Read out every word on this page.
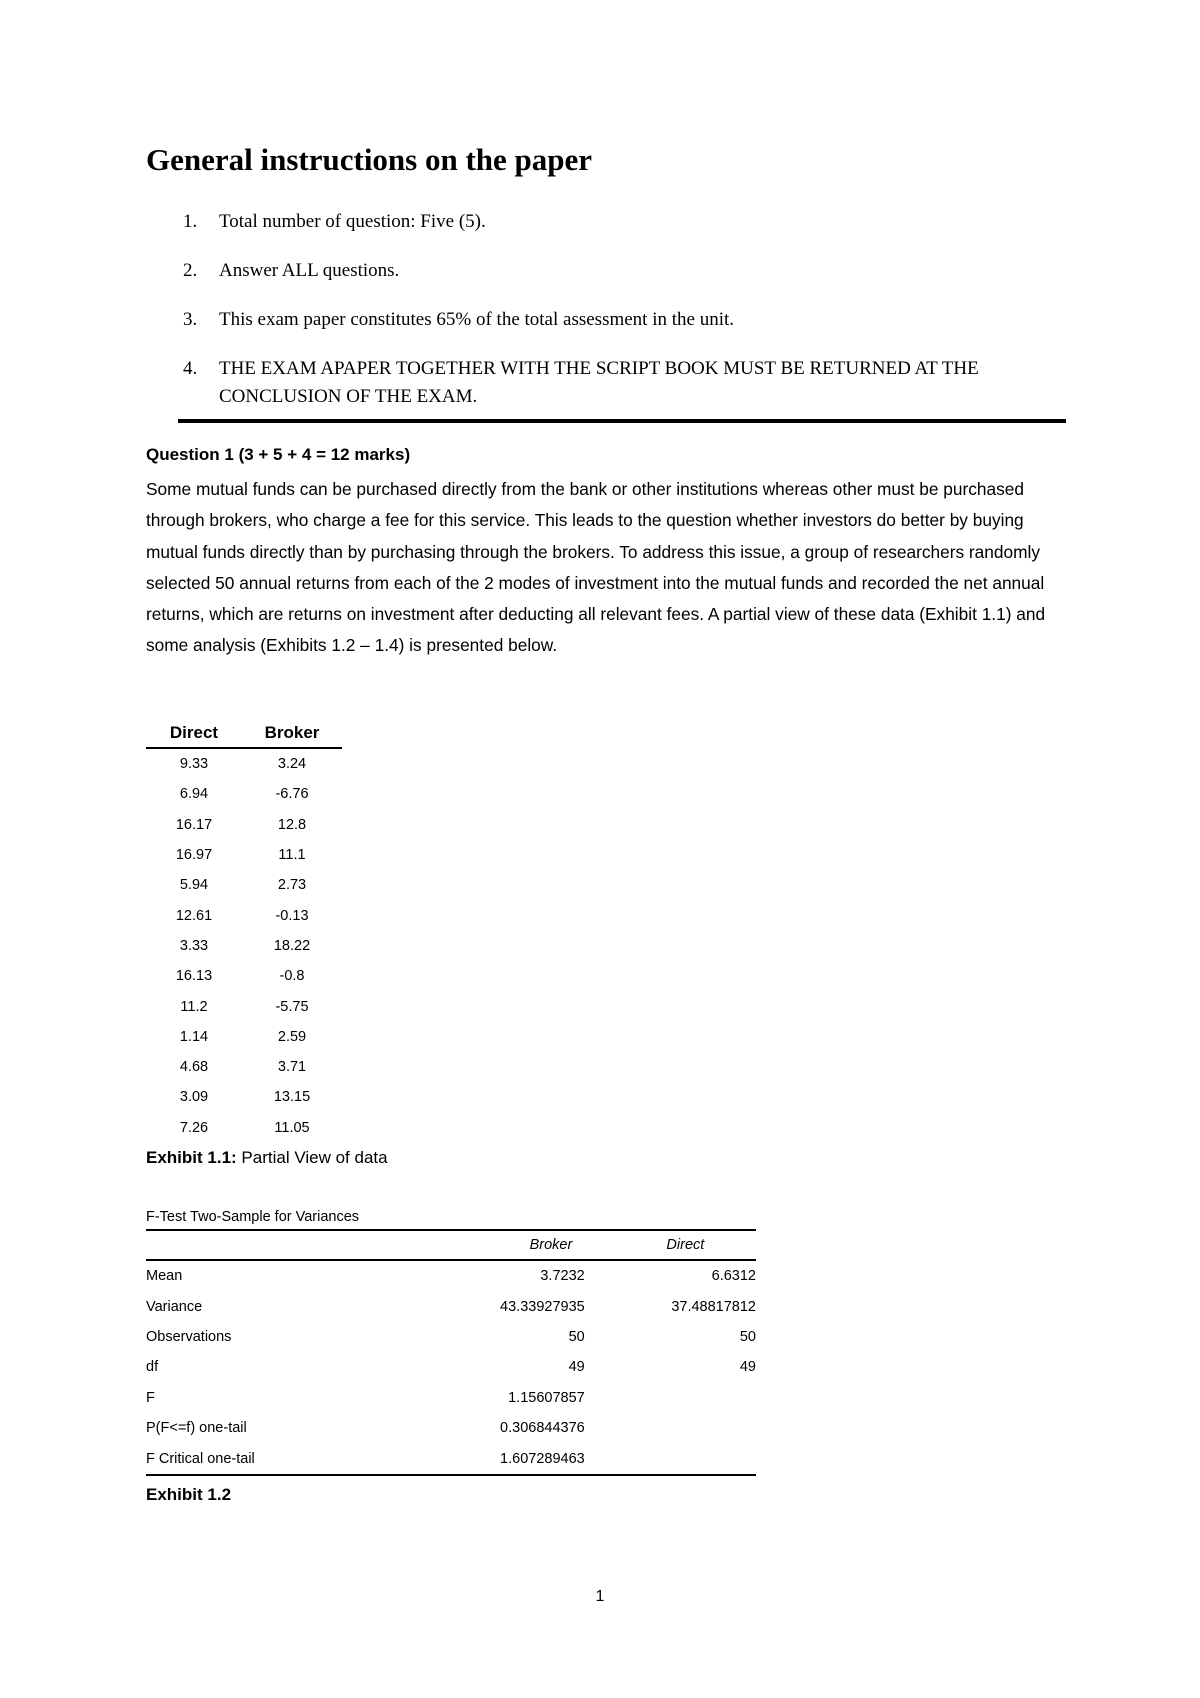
General instructions on the paper
1. Total number of question: Five (5).
2. Answer ALL questions.
3. This exam paper constitutes 65% of the total assessment in the unit.
4. THE EXAM APAPER TOGETHER WITH THE SCRIPT BOOK MUST BE RETURNED AT THE CONCLUSION OF THE EXAM.
Question 1 (3 + 5 + 4 = 12 marks)
Some mutual funds can be purchased directly from the bank or other institutions whereas other must be purchased through brokers, who charge a fee for this service. This leads to the question whether investors do better by buying mutual funds directly than by purchasing through the brokers. To address this issue, a group of researchers randomly selected 50 annual returns from each of the 2 modes of investment into the mutual funds and recorded the net annual returns, which are returns on investment after deducting all relevant fees. A partial view of these data (Exhibit 1.1) and some analysis (Exhibits 1.2 – 1.4) is presented below.
Direct	Broker
9.33	3.24
6.94	-6.76
16.17	12.8
16.97	11.1
5.94	2.73
12.61	-0.13
3.33	18.22
16.13	-0.8
11.2	-5.75
1.14	2.59
4.68	3.71
3.09	13.15
7.26	11.05
Exhibit 1.1: Partial View of data
F-Test Two-Sample for Variances
	Broker	Direct
Mean	3.7232	6.6312
Variance	43.33927935	37.48817812
Observations	50	50
df	49	49
F	1.15607857	
P(F<=f) one-tail	0.306844376	
F Critical one-tail	1.607289463	
Exhibit 1.2
1
